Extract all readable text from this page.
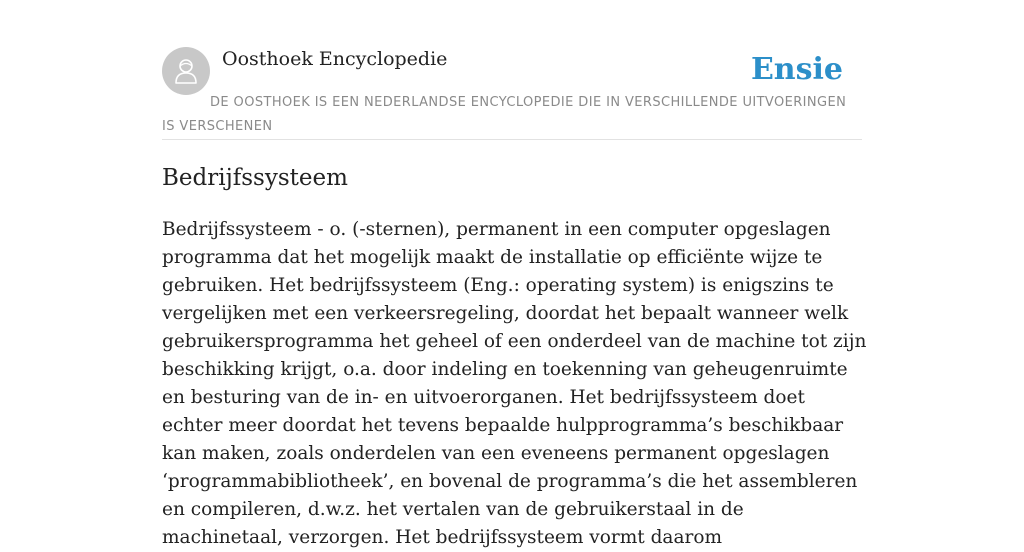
Oosthoek Encyclopedie	Ensie
DE OOSTHOEK IS EEN NEDERLANDSE ENCYCLOPEDIE DIE IN VERSCHILLENDE UITVOERINGEN IS VERSCHENEN
Bedrijfssysteem

Bedrijfssysteem - o. (-sternen), permanent in een computer opgeslagen programma dat het mogelijk maakt de installatie op efficiënte wijze te gebruiken. Het bedrijfssysteem (Eng.: operating system) is enigszins te vergelijken met een verkeersregeling, doordat het bepaalt wanneer welk gebruikersprogramma het geheel of een onderdeel van de machine tot zijn beschikking krijgt, o.a. door indeling en toekenning van geheugenruimte en besturing van de in- en uitvoerorganen. Het bedrijfssysteem doet echter meer doordat het tevens bepaalde hulpprogramma’s beschikbaar kan maken, zoals onderdelen van een eveneens permanent opgeslagen ‘programmabibliotheek’, en bovenal de programma’s die het assembleren en compileren, d.w.z. het vertalen van de gebruikerstaal in de machinetaal, verzorgen. Het bedrijfssysteem vormt daarom
